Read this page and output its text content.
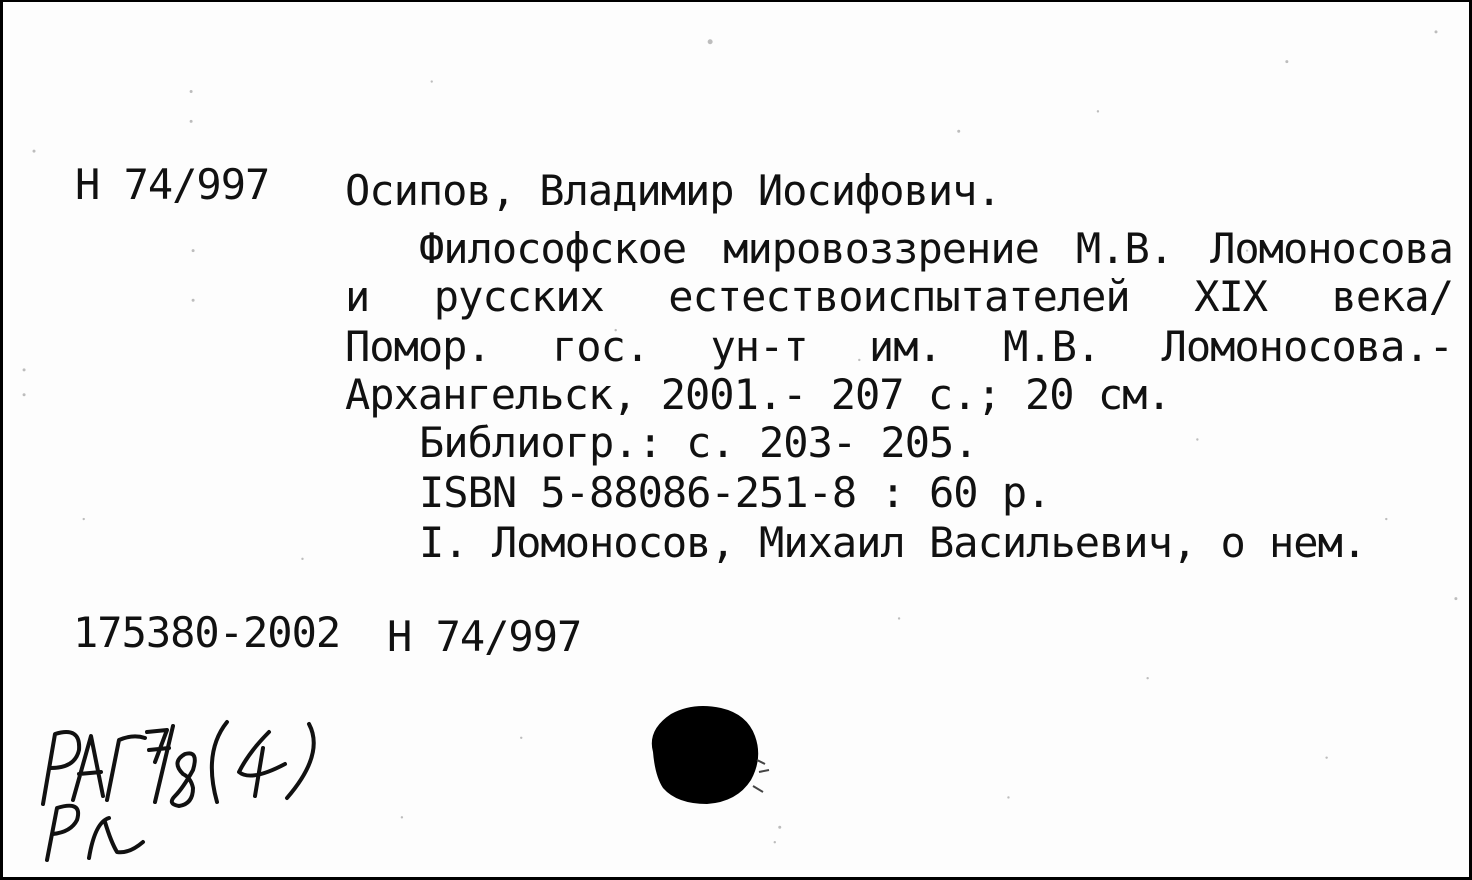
Н 74/997 Осипов, Владимир Иосифович.
Философское мировоззрение М.В. Ломоносова
и русских естествоиспытателей XIX века/
Помор. гос. ун-т им. М.В. Ломоносова.-
Архангельск, 2001.- 207 с.; 20 см.
Библиогр.: с. 203- 205.
ISBN 5-88086-251-8 : 60 р.
I. Ломоносов, Михаил Васильевич, о нем.
175380-2002 Н 74/997
